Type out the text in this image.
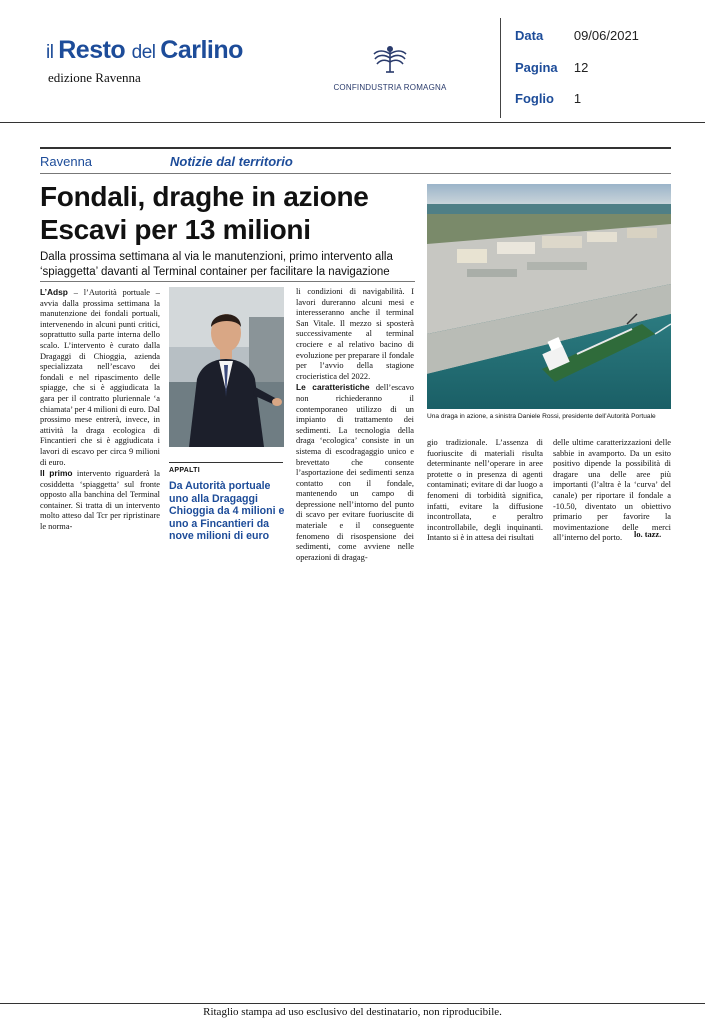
il Resto del Carlino
edizione Ravenna
CONFINDUSTRIA ROMAGNA
Data 09/06/2021
Pagina 12
Foglio 1
Ravenna	Notizie dal territorio
Fondali, draghe in azione
Escavi per 13 milioni
Dalla prossima settimana al via le manutenzioni, primo intervento alla ‘spiaggetta’ davanti al Terminal container per facilitare la navigazione
Una draga in azione, a sinistra Daniele Rossi, presidente dell’Autorità Portuale
L’Adsp – l’Autorità portuale – avvia dalla prossima settimana la manutenzione dei fondali portuali, intervenendo in alcuni punti critici, soprattutto sulla parte interna dello scalo. L’intervento è curato dalla Dragaggi di Chioggia, azienda specializzata nell’escavo dei fondali e nel ripascimento delle spiagge, che si è aggiudicata la gara per il contratto pluriennale ‘a chiamata’ per 4 milioni di euro. Dal prossimo mese entrerà, invece, in attività la draga ecologica di Fincantieri che si è aggiudicata i lavori di escavo per circa 9 milioni di euro.
Il primo intervento riguarderà la cosiddetta ‘spiaggetta’ sul fronte opposto alla banchina del Terminal container. Si tratta di un intervento molto atteso dal Tcr per ripristinare le norma-
APPALTI
Da Autorità portuale uno alla Dragaggi Chioggia da 4 milioni e uno a Fincantieri da nove milioni di euro
li condizioni di navigabilità. I lavori dureranno alcuni mesi e interesseranno anche il terminal San Vitale. Il mezzo si sposterà successivamente al terminal crociere e al relativo bacino di evoluzione per preparare il fondale per l’avvio della stagione crocieristica del 2022.
Le caratteristiche dell’escavo non richiederanno il contemporaneo utilizzo di un impianto di trattamento dei sedimenti. La tecnologia della draga ‘ecologica’ consiste in un sistema di escodragaggio unico e brevettato che consente l’asportazione dei sedimenti senza contatto con il fondale, mantenendo un campo di depressione nell’intorno del punto di scavo per evitare fuoriuscite di materiale e il conseguente fenomeno di risospensione dei sedimenti, come avviene nelle operazioni di dragag-
gio tradizionale. L’assenza di fuoriuscite di materiali risulta determinante nell’operare in aree protette o in presenza di agenti contaminati; evitare di dar luogo a fenomeni di torbidità significa, infatti, evitare la diffusione incontrollata, e peraltro incontrollabile, degli inquinanti. Intanto si è in attesa dei risultati
delle ultime caratterizzazioni delle sabbie in avamporto. Da un esito positivo dipende la possibilità di dragare una delle aree più importanti (l’altra è la ‘curva’ del canale) per riportare il fondale a -10.50, diventato un obiettivo primario per favorire la movimentazione delle merci all’interno del porto.	lo. tazz.
Ritaglio stampa ad uso esclusivo del destinatario, non riproducibile.
